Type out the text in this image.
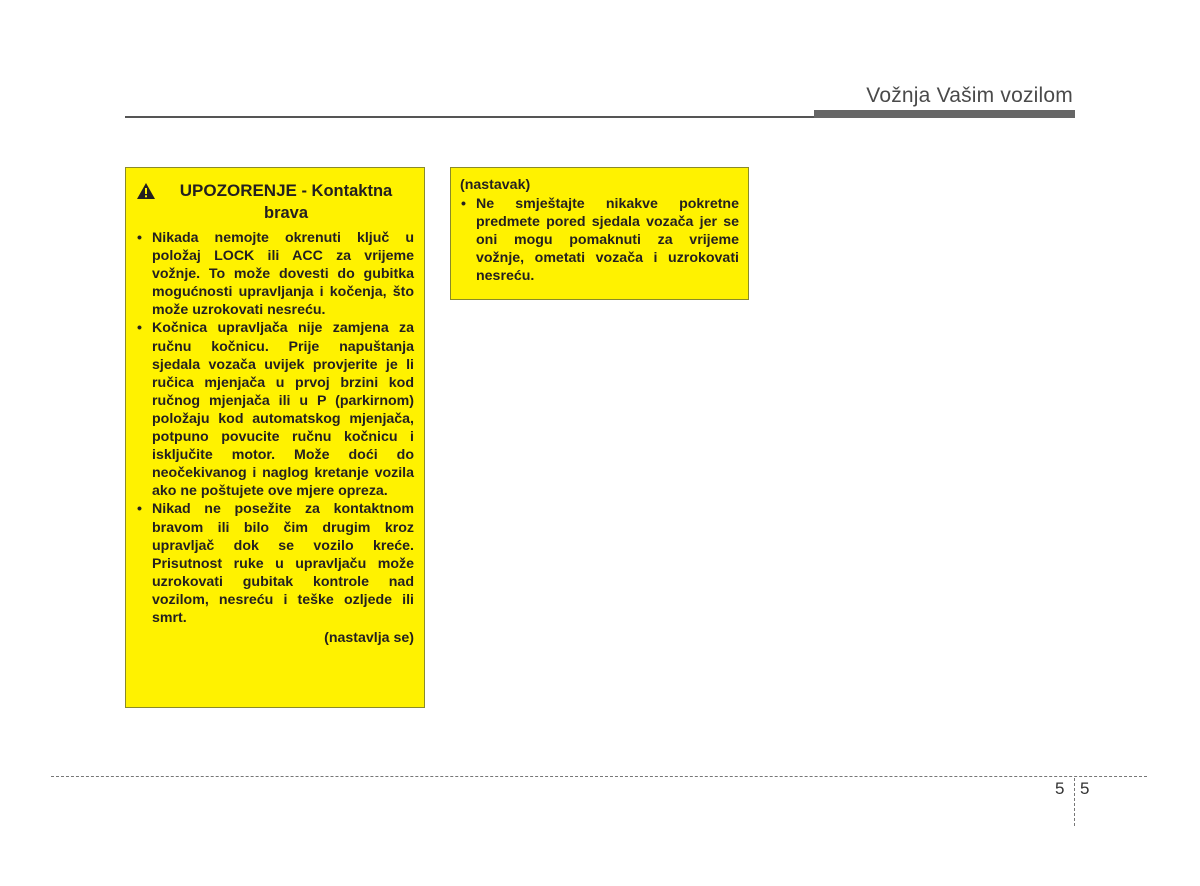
Vožnja Vašim vozilom
UPOZORENJE - Kontaktna brava
• Nikada nemojte okrenuti ključ u položaj LOCK ili ACC za vrijeme vožnje. To može dovesti do gubitka mogućnosti upravljanja i kočenja, što može uzrokovati nesreću.
• Kočnica upravljača nije zamjena za ručnu kočnicu. Prije napuštanja sjedala vozača uvijek provjerite je li ručica mjenjača u prvoj brzini kod ručnog mjenjača ili u P (parkirnom) položaju kod automatskog mjenjača, potpuno povucite ručnu kočnicu i isključite motor. Može doći do neočekivanog i naglog kretanje vozila ako ne poštujete ove mjere opreza.
• Nikad ne posežite za kontaktnom bravom ili bilo čim drugim kroz upravljač dok se vozilo kreće. Prisutnost ruke u upravljaču može uzrokovati gubitak kontrole nad vozilom, nesreću i teške ozljede ili smrt.
(nastavlja se)
(nastavak)
• Ne smještajte nikakve pokretne predmete pored sjedala vozača jer se oni mogu pomaknuti za vrijeme vožnje, ometati vozača i uzrokovati nesreću.
5 5
